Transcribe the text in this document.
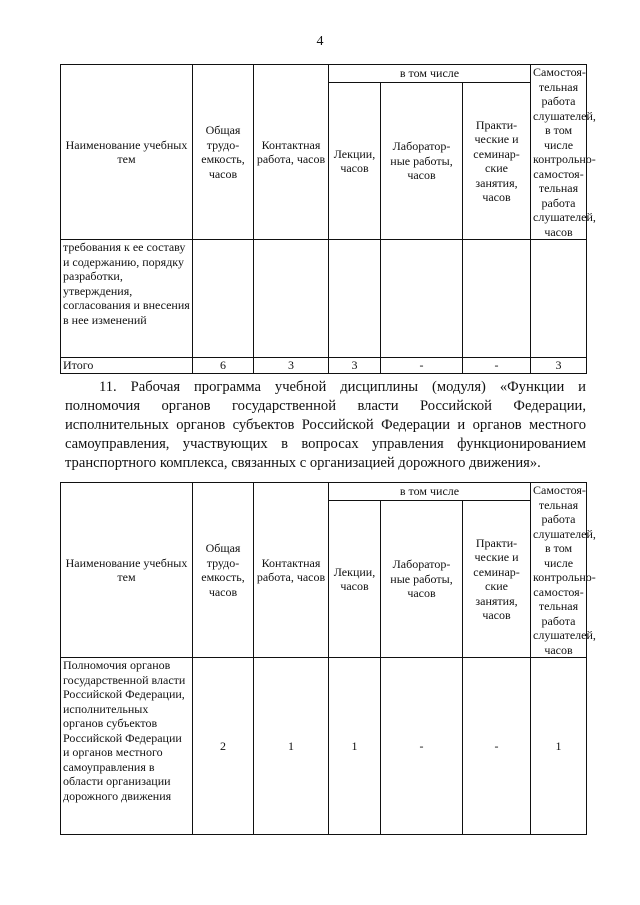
4
Наименование учебных тем	Общая трудо-емкость, часов	Контактная работа, часов	в том числе			Самостоя-тельная работа слушателей, в том числе контрольно-самостоя-тельная работа слушателей, часов
			Лекции, часов	Лаборатор-ные работы, часов	Практи-ческие и семинар-ские занятия, часов	
требования к ее составу и содержанию, порядку разработки, утверждения, согласования и внесения в нее изменений						
Итого	6	3	3	-	-	3
11. Рабочая программа учебной дисциплины (модуля) «Функции и полномочия органов государственной власти Российской Федерации, исполнительных органов субъектов Российской Федерации и органов местного самоуправления, участвующих в вопросах управления функционированием транспортного комплекса, связанных с организацией дорожного движения».
Наименование учебных тем	Общая трудо-емкость, часов	Контактная работа, часов	в том числе			Самостоя-тельная работа слушателей, в том числе контрольно-самостоя-тельная работа слушателей, часов
			Лекции, часов	Лаборатор-ные работы, часов	Практи-ческие и семинар-ские занятия, часов	
Полномочия органов государственной власти Российской Федерации, исполнительных органов субъектов Российской Федерации и органов местного самоуправления в области организации дорожного движения	2	1	1	-	-	1
